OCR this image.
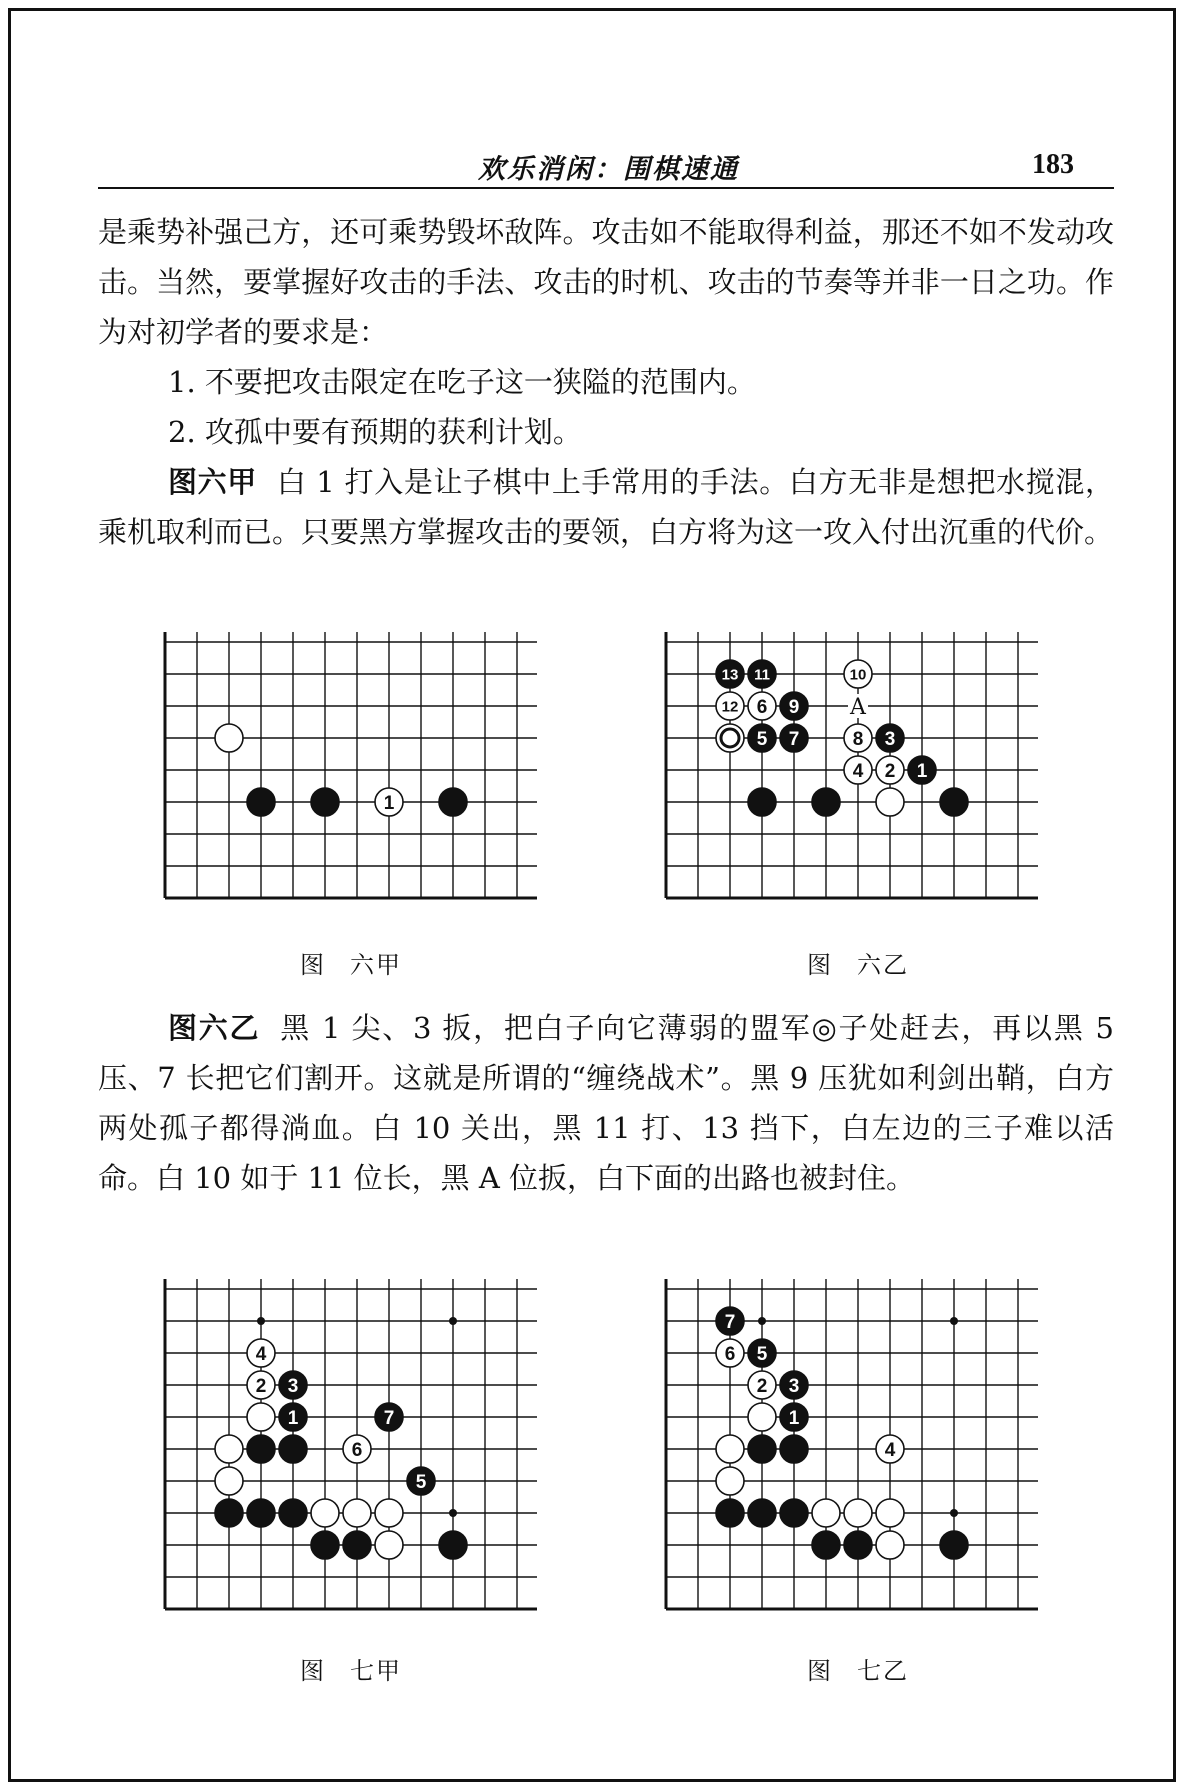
欢乐消闲：围棋速通	183

是乘势补强己方，还可乘势毁坏敌阵。攻击如不能取得利益，那还不如不发动攻击。当然，要掌握好攻击的手法、攻击的时机、攻击的节奏等并非一日之功。作为对初学者的要求是：

1. 不要把攻击限定在吃子这一狭隘的范围内。

2. 攻孤中要有预期的获利计划。

图六甲 白 1 打入是让子棋中上手常用的手法。白方无非是想把水搅混，乘机取利而已。只要黑方掌握攻击的要领，白方将为这一攻入付出沉重的代价。

1
图 六甲
A
13 11	10
12 6 9
5 7	8 3
4 2 1
图 六乙

图六乙 黑 1 尖、3 扳，把白子向它薄弱的盟军◎子处赶去，再以黑 5 压、7 长把它们割开。这就是所谓的“缠绕战术”。黑 9 压犹如利剑出鞘，白方两处孤子都得淌血。白 10 关出，黑 11 打、13 挡下，白左边的三子难以活命。白 10 如于 11 位长，黑 A 位扳，白下面的出路也被封住。

4
2 3
1	7
6
5
图 七甲
7
6 5
2 3
1
4
图 七乙
